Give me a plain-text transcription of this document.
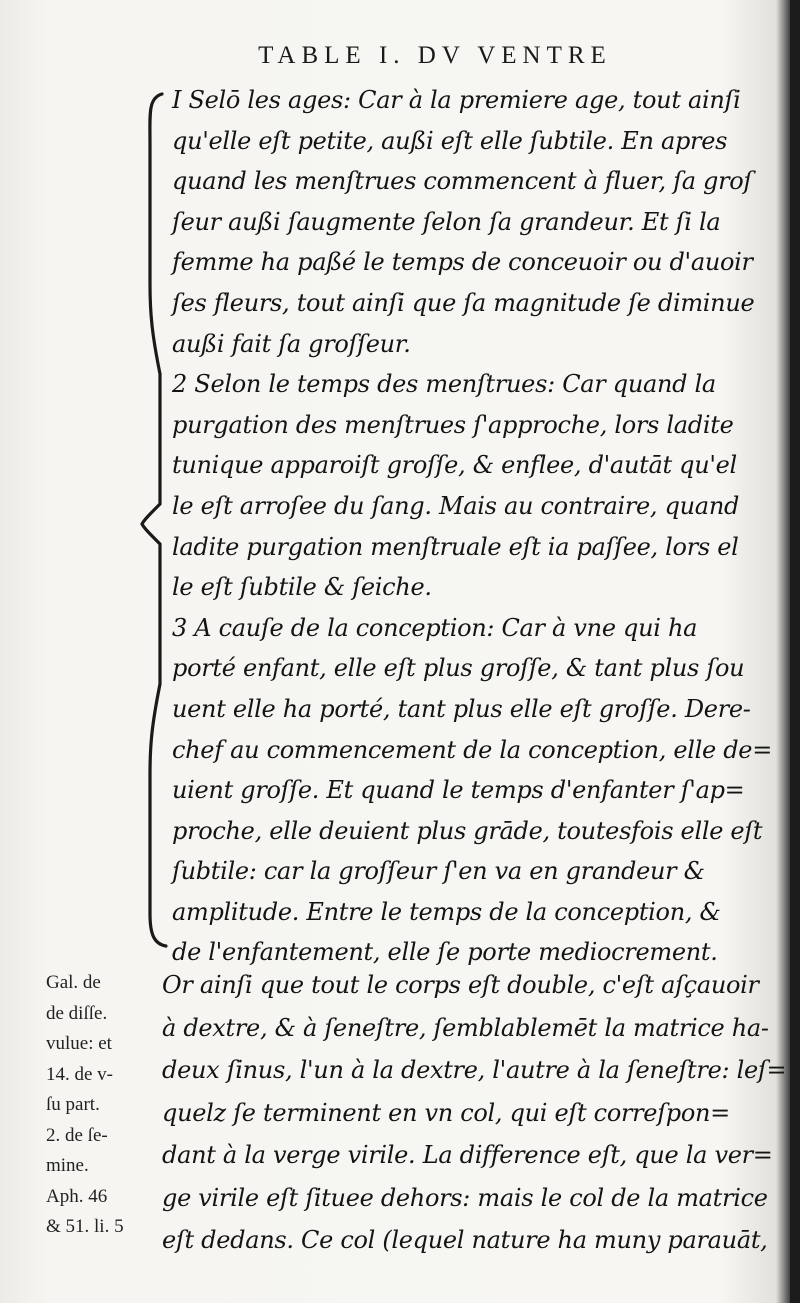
TABLE I. DV VENTRE
I Selō les ages: Car à la premiere age, tout ainſi
qu'elle eſt petite, außi eſt elle ſubtile. En apres
quand les menſtrues commencent à fluer, ſa groſ
ſeur außi ſaugmente ſelon ſa grandeur. Et ſi la
femme ha paßé le temps de conceuoir ou d'auoir
ſes fleurs, tout ainſi que ſa magnitude ſe diminue
außi fait ſa groſſeur.
2 Selon le temps des menſtrues: Car quand la
purgation des menſtrues ſ'approche, lors ladite
tunique apparoiſt groſſe, & enflee, d'autāt qu'el
le eſt arroſee du ſang. Mais au contraire, quand
ladite purgation menſtruale eſt ia paſſee, lors el
le eſt ſubtile & ſeiche.
3 A cauſe de la conception: Car à vne qui ha
porté enfant, elle eſt plus groſſe, & tant plus ſou
uent elle ha porté, tant plus elle eſt groſſe. Dere-
chef au commencement de la conception, elle de=
uient groſſe. Et quand le temps d'enfanter ſ'ap=
proche, elle deuient plus grāde, toutesfois elle eſt
ſubtile: car la groſſeur ſ'en va en grandeur &
amplitude. Entre le temps de la conception, &
de l'enfantement, elle ſe porte mediocrement.
Gal. de
de diſſe.
vulue: et
14. de v-
ſu part.
2. de ſe-
mine.
Aph. 46
& 51. li. 5
Or ainſi que tout le corps eſt double, c'eſt aſçauoir
à dextre, & à ſeneſtre, ſemblablemēt la matrice ha-
deux ſinus, l'un à la dextre, l'autre à la ſeneſtre: leſ=
quelz ſe terminent en vn col, qui eſt correſpon=
dant à la verge virile. La difference eſt, que la ver=
ge virile eſt ſituee dehors: mais le col de la matrice
eſt dedans. Ce col (lequel nature ha muny parauāt,
